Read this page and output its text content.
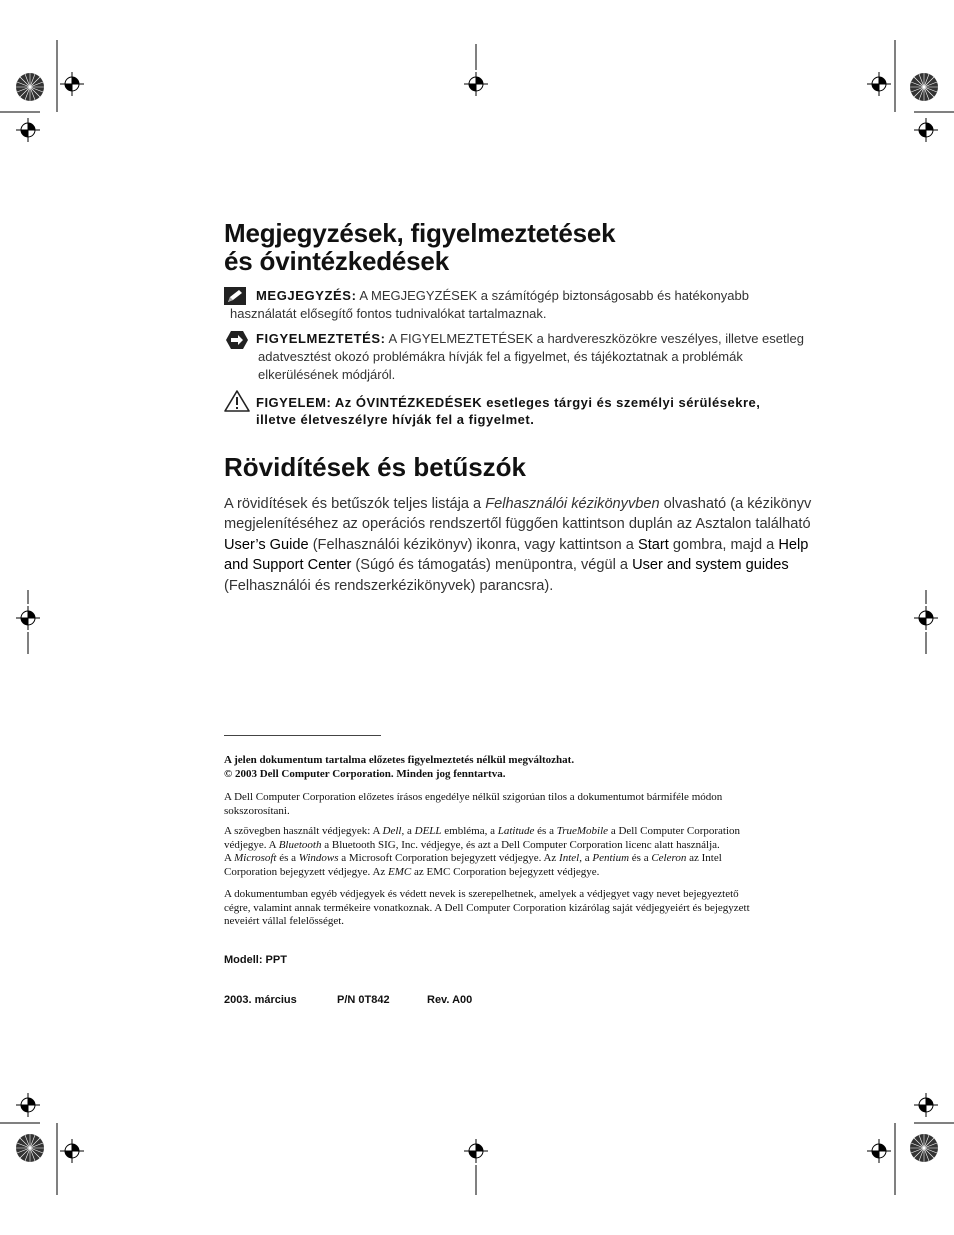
Megjegyzések, figyelmeztetések
és óvintézkedések
MEGJEGYZÉS: A MEGJEGYZÉSEK a számítógép biztonságosabb és hatékonyabb
használatát elősegítő fontos tudnivalókat tartalmaznak.
FIGYELMEZTETÉS: A FIGYELMEZTETÉSEK a hardvereszközökre veszélyes, illetve esetleg
adatvesztést okozó problémákra hívják fel a figyelmet, és tájékoztatnak a problémák
elkerülésének módjáról.
FIGYELEM: Az ÓVINTÉZKEDÉSEK esetleges tárgyi és személyi sérülésekre,
illetve életveszélyre hívják fel a figyelmet.
Rövidítések és betűszók
A rövidítések és betűszók teljes listája a Felhasználói kézikönyvben olvasható (a kézikönyv megjelenítéséhez az operációs rendszertől függően kattintson duplán az Asztalon található User’s Guide (Felhasználói kézikönyv) ikonra, vagy kattintson a Start gombra, majd a Help and Support Center (Súgó és támogatás) menüpontra, végül a User and system guides (Felhasználói és rendszerkézikönyvek) parancsra).
A jelen dokumentum tartalma előzetes figyelmeztetés nélkül megváltozhat.
© 2003 Dell Computer Corporation. Minden jog fenntartva.
A Dell Computer Corporation előzetes írásos engedélye nélkül szigorúan tilos a dokumentumot bármiféle módon
sokszorosítani.
A szövegben használt védjegyek: A Dell, a DELL embléma, a Latitude és a TrueMobile a Dell Computer Corporation
védjegye. A Bluetooth a Bluetooth SIG, Inc. védjegye, és azt a Dell Computer Corporation licenc alatt használja.
A Microsoft és a Windows a Microsoft Corporation bejegyzett védjegye. Az Intel, a Pentium és a Celeron az Intel
Corporation bejegyzett védjegye. Az EMC az EMC Corporation bejegyzett védjegye.
A dokumentumban egyéb védjegyek és védett nevek is szerepelhetnek, amelyek a védjegyet vagy nevet bejegyeztető
cégre, valamint annak termékeire vonatkoznak. A Dell Computer Corporation kizárólag saját védjegyeiért és bejegyzett
neveiért vállal felelősséget.
Modell: PPT
2003. március	P/N 0T842	Rev. A00
